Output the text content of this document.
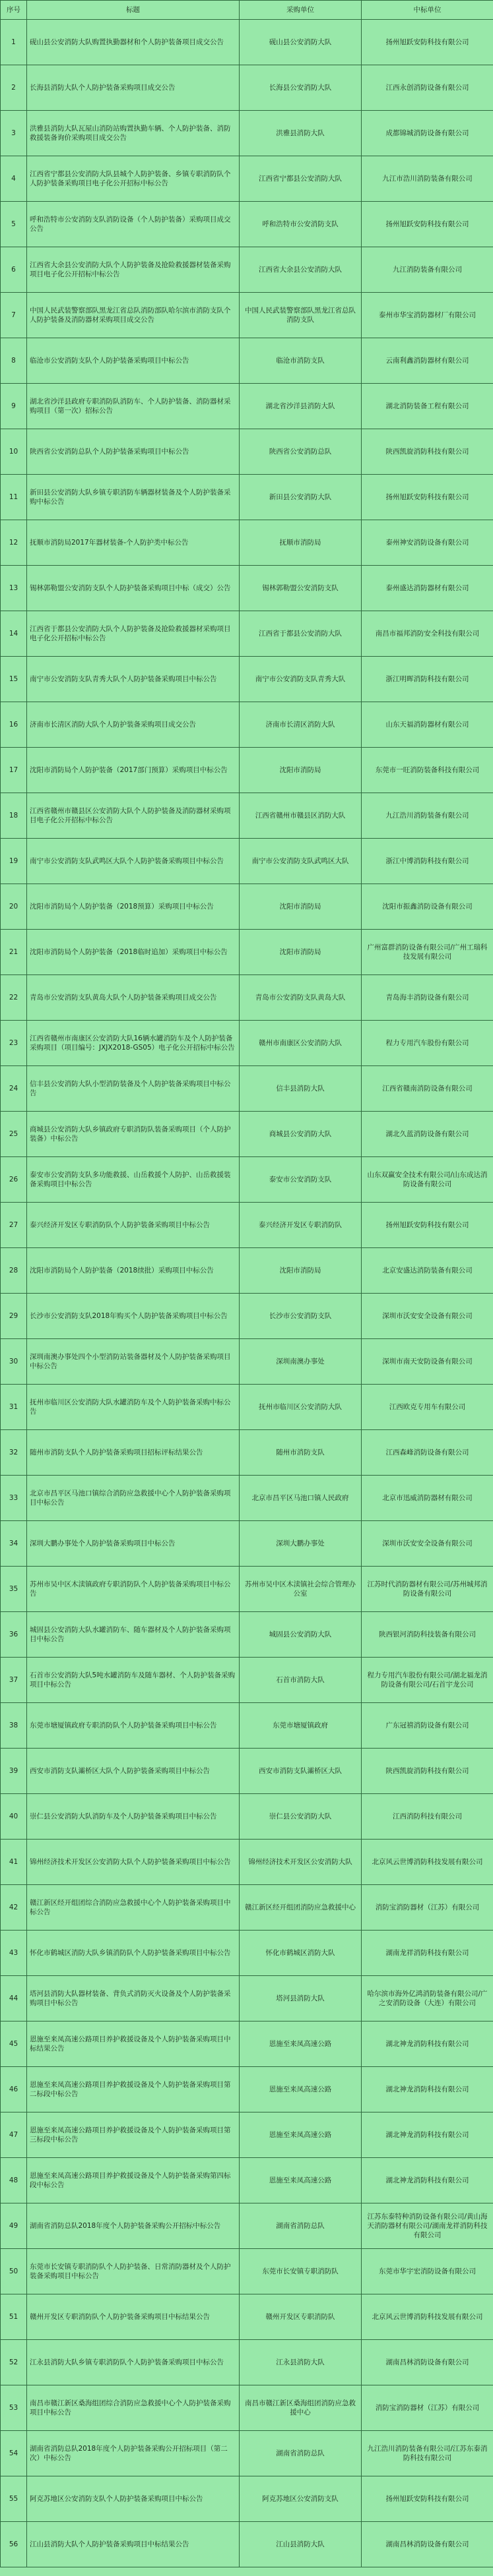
序号	标题	采购单位	中标单位
1	砚山县公安消防大队购置执勤器材和个人防护装备项目成交公告	砚山县公安消防大队	扬州旭跃安防科技有限公司
2	长海县消防大队个人防护装备采购项目成交公告	长海县公安消防大队	江西永创消防设备有限公司
3	洪雅县消防大队瓦屋山消防站购置执勤车辆、个人防护装备、消防救援装备询价采购项目成交公告	洪雅县消防大队	成都锦城消防设备有限公司
4	江西省宁都县公安消防大队县城个人防护装备、乡镇专职消防队个人防护装备采购项目电子化公开招标中标公告	江西省宁都县公安消防大队	九江市浩川消防装备有限公司
5	呼和浩特市公安消防支队消防设备（个人防护装备）采购项目成交公告	呼和浩特市公安消防支队	扬州旭跃安防科技有限公司
6	江西省大余县公安消防大队个人防护装备及抢险救援器材装备采购项目电子化公开招标中标公告	江西省大余县公安消防大队	九江消防装备有限公司
7	中国人民武装警察部队黑龙江省总队消防部队哈尔滨市消防支队个人防护装备及消防器材采购项目成交公告	中国人民武装警察部队黑龙江省总队消防支队	泰州市华宝消防器材厂有限公司
8	临沧市公安消防支队个人防护装备采购项目中标公告	临沧市消防支队	云南利鑫消防器材有限公司
9	湖北省沙洋县政府专职消防队消防车、个人防护装备、消防器材采购项目（第一次）招标公告	湖北省沙洋县消防大队	湖北消防装备工程有限公司
10	陕西省公安消防总队个人防护装备采购项目中标公告	陕西省公安消防总队	陕西凯旋消防科技有限公司
11	新田县公安消防大队乡镇专职消防车辆器材装备及个人防护装备采购中标公告	新田县公安消防大队	扬州旭跃安防科技有限公司
12	抚顺市消防局2017年器材装备-个人防护类中标公告	抚顺市消防局	泰州神安消防设备有限公司
13	锡林郭勒盟公安消防支队个人防护装备采购项目中标（成交）公告	锡林郭勒盟公安消防支队	泰州盛达消防器材有限公司
14	江西省于都县公安消防大队个人防护装备及抢险救援器材采购项目电子化公开招标中标公告	江西省于都县公安消防大队	南昌市福邦消防安全科技有限公司
15	南宁市公安消防支队青秀大队个人防护装备采购项目中标公告	南宁市公安消防支队青秀大队	浙江明晖消防科技有限公司
16	济南市长清区消防大队个人防护装备采购项目成交公告	济南市长清区消防大队	山东天福消防器材有限公司
17	沈阳市消防局个人防护装备（2017部门预算）采购项目中标公告	沈阳市消防局	东莞市一旺消防装备科技有限公司
18	江西省赣州市赣县区公安消防大队个人防护装备及消防器材采购项目电子化公开招标中标公告	江西省赣州市赣县区消防大队	九江浩川消防装备有限公司
19	南宁市公安消防支队武鸣区大队个人防护装备采购项目中标公告	南宁市公安消防支队武鸣区大队	浙江中博消防科技有限公司
20	沈阳市消防局个人防护装备（2018预算）采购项目中标公告	沈阳市消防局	沈阳市振鑫消防设备有限公司
21	沈阳市消防局个人防护装备（2018临时追加）采购项目中标公告	沈阳市消防局	广州富群消防设备有限公司/广州工瑞科技发展有限公司
22	青岛市公安消防支队黄岛大队个人防护装备采购项目成交公告	青岛市公安消防支队黄岛大队	青岛海丰消防设备有限公司
23	江西省赣州市南康区公安消防大队16辆水罐消防车及个人防护装备采购项目（项目编号：JXJX2018-GS05）电子化公开招标中标公告	赣州市南康区公安消防大队	程力专用汽车股份有限公司
24	信丰县公安消防大队小型消防装备及个人防护装备采购项目中标公告	信丰县消防大队	江西省赣南消防设备有限公司
25	商城县公安消防大队乡镇政府专职消防队装备采购项目（个人防护装备）中标公告	商城县公安消防大队	湖北久蓝消防设备有限公司
26	泰安市公安消防支队多功能救援、山岳救援个人防护、山岳救援装备采购项目中标公告	泰安市公安消防支队	山东双赢安全技术有限公司/山东成达消防设备有限公司
27	泰兴经济开发区专职消防队个人防护装备采购项目中标公告	泰兴经济开发区专职消防队	扬州旭跃安防科技有限公司
28	沈阳市消防局个人防护装备（2018续批）采购项目中标公告	沈阳市消防局	北京安盛达消防装备有限公司
29	长沙市公安消防支队2018年购买个人防护装备采购项目中标公告	长沙市公安消防支队	深圳市沃安安全设备有限公司
30	深圳南澳办事处四个小型消防站装备器材及个人防护装备采购项目中标公告	深圳南澳办事处	深圳市南天安防设备有限公司
31	抚州市临川区公安消防大队水罐消防车及个人防护装备采购中标公告	抚州市临川区公安消防大队	江西欧克专用车有限公司
32	随州市消防支队个人防护装备采购项目招标评标结果公告	随州市消防支队	江西森峰消防设备有限公司
33	北京市昌平区马池口镇综合消防应急救援中心个人防护装备采购项目中标公告	北京市昌平区马池口镇人民政府	北京市迅威消防器材有限公司
34	深圳大鹏办事处个人防护装备采购项目中标公告	深圳大鹏办事处	深圳市沃安安全设备有限公司
35	苏州市吴中区木渎镇政府专职消防队个人防护装备采购项目中标公告	苏州市吴中区木渎镇社会综合管理办公室	江苏时代消防器材有限公司/苏州城邦消防设备有限公司
36	城固县公安消防大队水罐消防车、随车器材及个人防护装备采购项目中标公告	城固县公安消防大队	陕西银河消防科技装备有限公司
37	石首市公安消防大队5吨水罐消防车及随车器材、个人防护装备采购项目中标公告	石首市消防大队	程力专用汽车股份有限公司/湖北福龙消防设备有限公司/石首宇龙公司
38	东莞市塘厦镇政府专职消防队个人防护装备采购项目中标公告	东莞市塘厦镇政府	广东冠禧消防设备有限公司
39	西安市消防支队灞桥区大队个人防护装备采购项目中标公告	西安市消防支队灞桥区大队	陕西凯旋消防科技有限公司
40	崇仁县公安消防大队消防车及个人防护装备采购项目中标公告	崇仁县公安消防大队	江西消防科技有限公司
41	锦州经济技术开发区公安消防大队个人防护装备采购项目中标公告	锦州经济技术开发区公安消防大队	北京风云世博消防科技发展有限公司
42	赣江新区经开组团综合消防应急救援中心个人防护装备采购项目中标公告	赣江新区经开组团消防应急救援中心	消防宝消防器材（江苏）有限公司
43	怀化市鹤城区消防大队乡镇消防队个人防护装备采购项目中标公告	怀化市鹤城区消防大队	湖南龙祥消防科技有限公司
44	塔河县消防大队器材装备、背负式消防灭火设备及个人防护装备采购项目中标公告	塔河县消防大队	哈尔滨市海外亿鸿消防装备有限公司/广之安消防设备（大连）有限公司
45	恩施至来凤高速公路项目养护救援设备及个人防护装备采购项目中标结果公告	恩施至来凤高速公路	湖北神龙消防科技有限公司
46	恩施至来凤高速公路项目养护救援设备及个人防护装备采购项目第二标段中标公告	恩施至来凤高速公路	湖北神龙消防科技有限公司
47	恩施至来凤高速公路项目养护救援设备及个人防护装备采购项目第三标段中标公告	恩施至来凤高速公路	湖北神龙消防科技有限公司
48	恩施至来凤高速公路项目养护救援设备及个人防护装备采购第四标段中标公告	恩施至来凤高速公路	湖北神龙消防科技有限公司
49	湖南省消防总队2018年度个人防护装备采购公开招标中标公告	湖南省消防总队	江苏东泰特种消防设备有限公司/黄山海天消防器材有限公司/湖南龙祥消防科技有限公司
50	东莞市长安镇专职消防队个人防护装备、日常消防器材及个人防护装备采购项目中标公告	东莞市长安镇专职消防队	东莞市华宇宏消防设备有限公司
51	赣州开发区专职消防队个人防护装备采购项目中标结果公告	赣州开发区专职消防队	北京风云世博消防科技发展有限公司
52	江永县消防大队乡镇专职消防队个人防护装备采购项目中标公告	江永县消防大队	湖南昌林消防设备有限公司
53	南昌市赣江新区桑海组团综合消防应急救援中心个人防护装备采购项目中标公告	南昌市赣江新区桑海组团消防应急救援中心	消防宝消防器材（江苏）有限公司
54	湖南省消防总队2018年度个人防护装备采购公开招标项目（第二次）中标公告	湖南省消防总队	九江浩川消防装备有限公司/江苏东泰消防科技有限公司
55	阿克苏地区公安消防支队个人防护装备采购项目中标公告	阿克苏地区公安消防支队	扬州旭跃安防科技有限公司
56	江山县消防大队个人防护装备采购项目中标结果公告	江山县消防大队	湖南昌林消防设备有限公司
